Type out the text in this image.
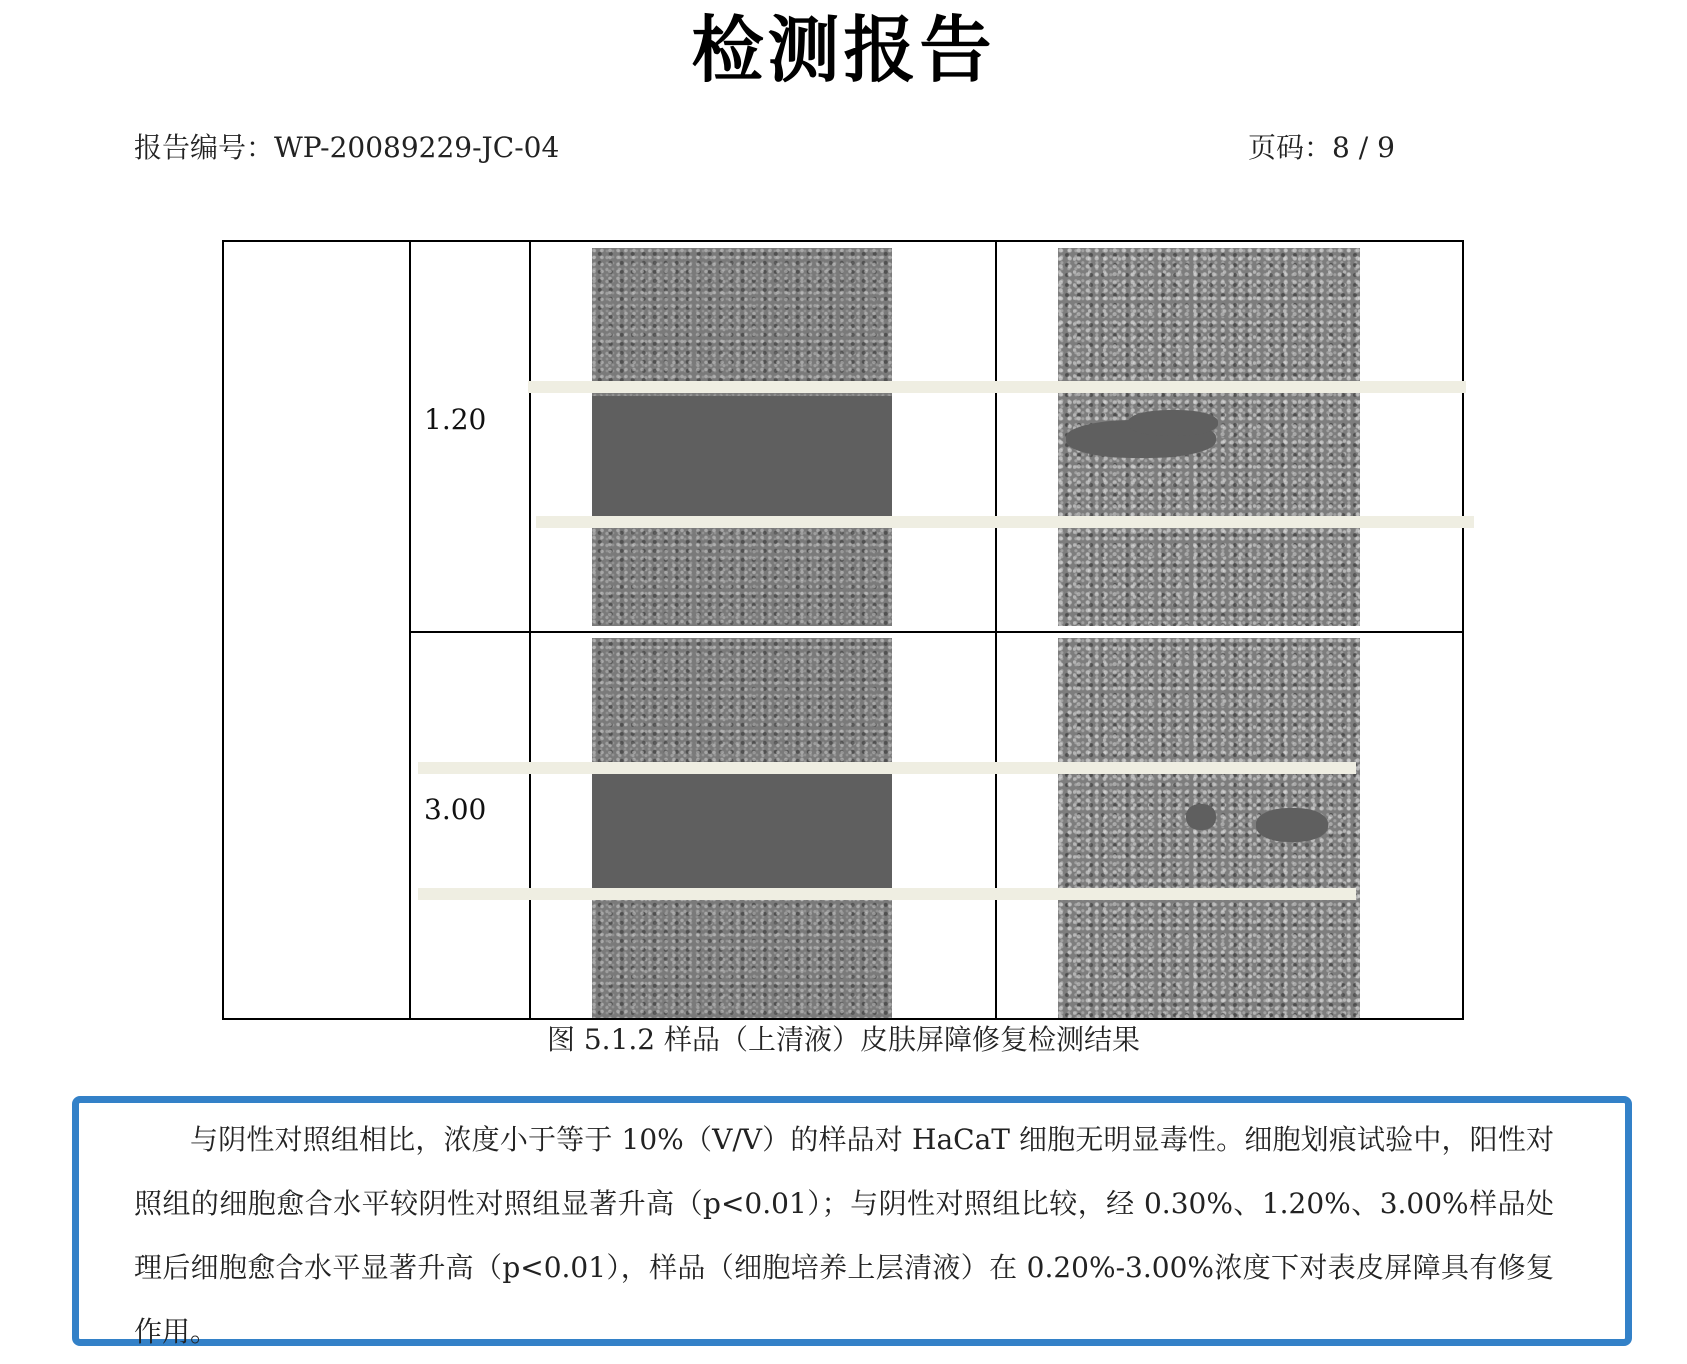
检测报告
报告编号：WP-20089229-JC-04	页码：8 / 9
1.20
3.00
图 5.1.2 样品（上清液）皮肤屏障修复检测结果

与阴性对照组相比，浓度小于等于 10%（V/V）的样品对 HaCaT 细胞无明显毒性。细胞划痕试验中，阳性对照组的细胞愈合水平较阴性对照组显著升高（p<0.01）；与阴性对照组比较，经 0.30%、1.20%、3.00%样品处理后细胞愈合水平显著升高（p<0.01），样品（细胞培养上层清液）在 0.20%-3.00%浓度下对表皮屏障具有修复作用。
